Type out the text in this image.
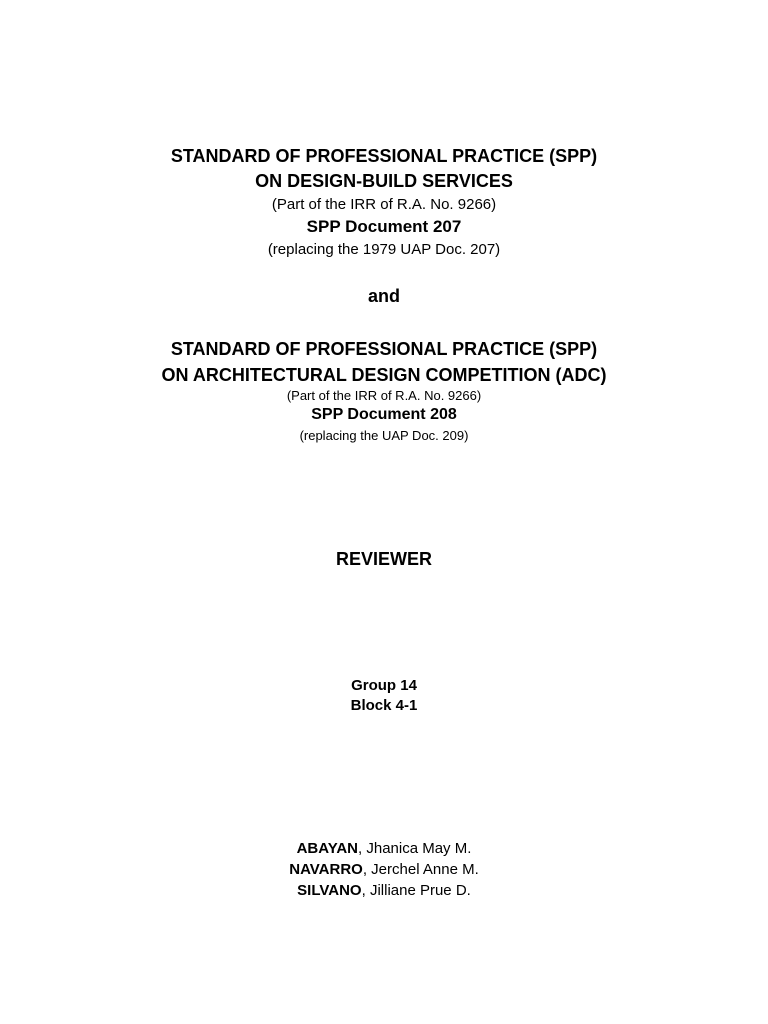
STANDARD OF PROFESSIONAL PRACTICE (SPP)
ON DESIGN-BUILD SERVICES
(Part of the IRR of R.A. No. 9266)
SPP Document 207
(replacing the 1979 UAP Doc. 207)
and
STANDARD OF PROFESSIONAL PRACTICE (SPP)
ON ARCHITECTURAL DESIGN COMPETITION (ADC)
(Part of the IRR of R.A. No. 9266)
SPP Document 208
(replacing the UAP Doc. 209)
REVIEWER
Group 14
Block 4-1
ABAYAN, Jhanica May M.
NAVARRO, Jerchel Anne M.
SILVANO, Jilliane Prue D.
